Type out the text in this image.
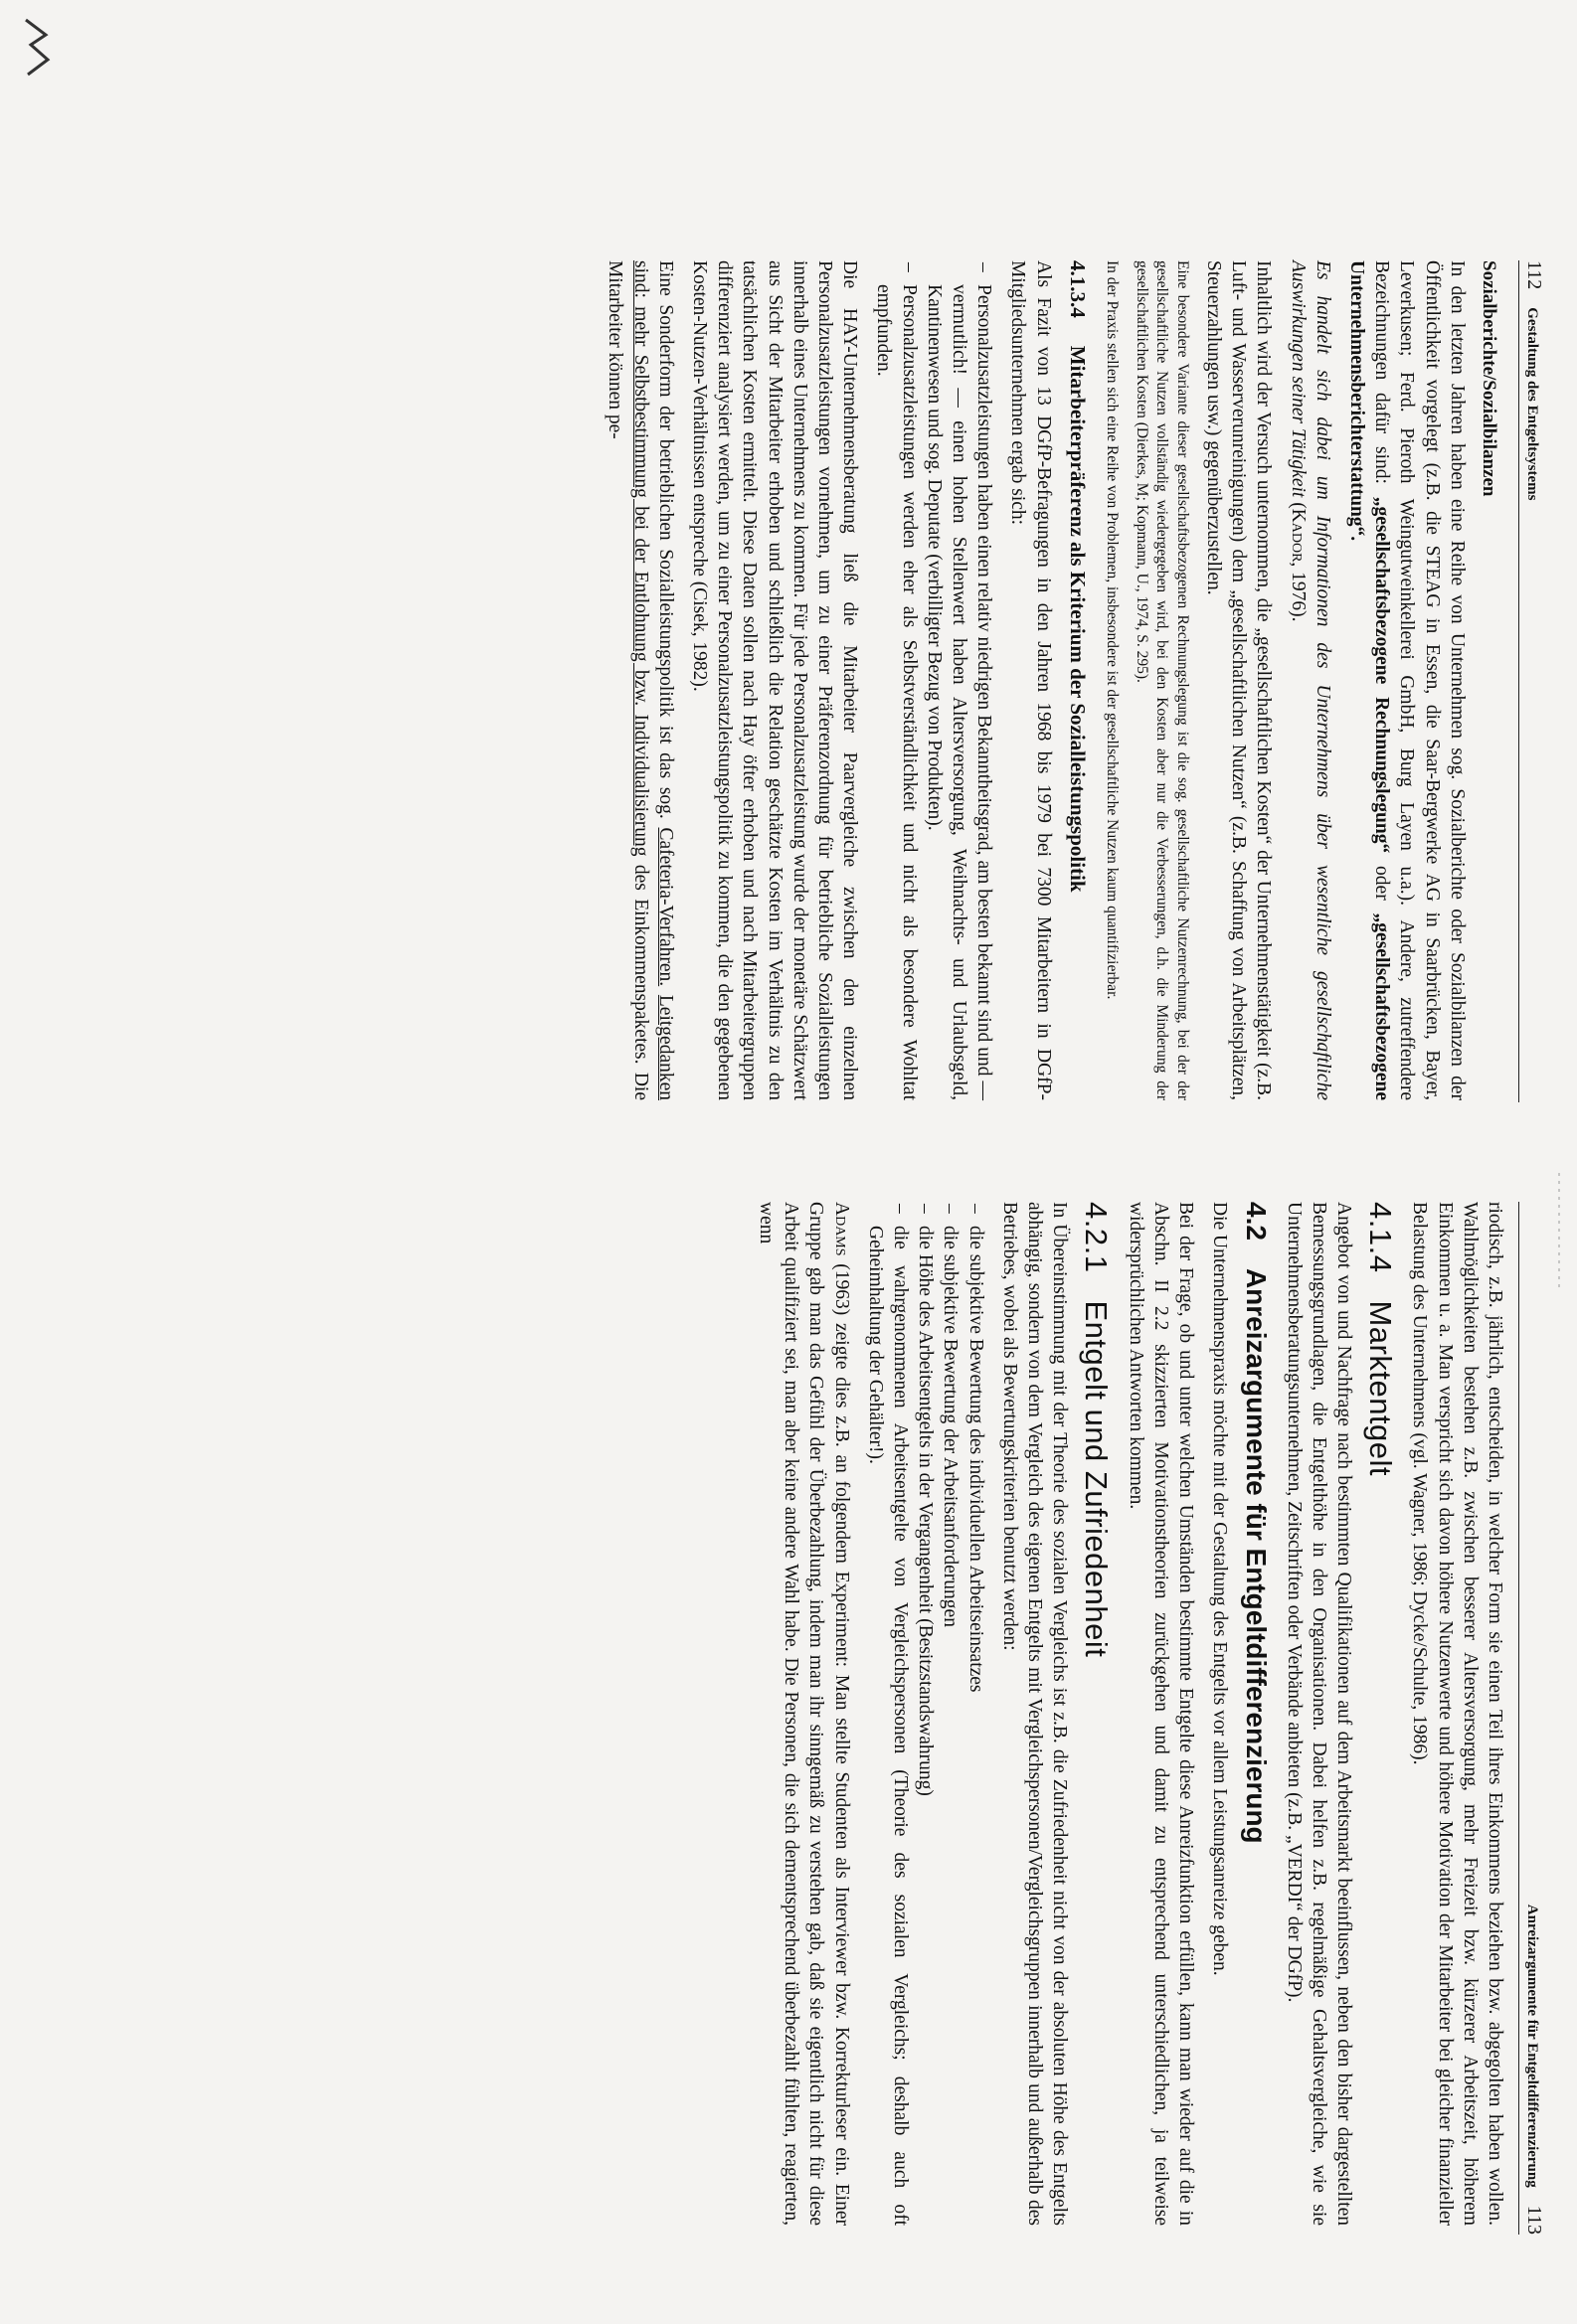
112
Gestaltung des Entgeltsystems
Sozialberichte/Sozialbilanzen

In den letzten Jahren haben eine Reihe von Unternehmen sog. Sozialberichte oder Sozialbilanzen der Öffentlichkeit vorgelegt (z.B. die STEAG in Essen, die Saar-Bergwerke AG in Saarbrücken, Bayer, Leverkusen; Ferd. Pieroth Weingutweinkellerei GmbH, Burg Layen u.a.). Andere, zutreffendere Bezeichnungen dafür sind: „gesellschaftsbezogene Rechnungslegung“ oder „gesellschaftsbezogene Unternehmensberichterstattung“.

Es handelt sich dabei um Informationen des Unternehmens über wesentliche gesellschaftliche Auswirkungen seiner Tätigkeit (Kador, 1976).

Inhaltlich wird der Versuch unternommen, die „gesellschaftlichen Kosten“ der Unternehmenstätigkeit (z.B. Luft- und Wasserverunreinigungen) dem „gesellschaftlichen Nutzen“ (z.B. Schaffung von Arbeitsplätzen, Steuerzahlungen usw.) gegenüberzustellen.

Eine besondere Variante dieser gesellschaftsbezogenen Rechnungslegung ist die sog. gesellschaftliche Nutzenrechnung, bei der der gesellschaftliche Nutzen vollständig wiedergegeben wird, bei den Kosten aber nur die Verbesserungen, d.h. die Minderung der gesellschaftlichen Kosten (Dierkes, M; Kopmann, U., 1974, S. 295).

In der Praxis stellen sich eine Reihe von Problemen, insbesondere ist der gesellschaftliche Nutzen kaum quantifizierbar.

4.1.3.4Mitarbeiterpräferenz als Kriterium der Sozialleistungspolitik

Als Fazit von 13 DGfP-Befragungen in den Jahren 1968 bis 1979 bei 7300 Mitarbeitern in DGfP-Mitgliedsunternehmen ergab sich:

– Personalzusatzleistungen haben einen relativ niedrigen Bekanntheitsgrad, am besten bekannt sind und — vermutlich! — einen hohen Stellenwert haben Altersversorgung, Weihnachts- und Urlaubsgeld, Kantinenwesen und sog. Deputate (verbilligter Bezug von Produkten).
– Personalzusatzleistungen werden eher als Selbstverständlichkeit und nicht als besondere Wohltat empfunden.

Die HAY-Unternehmensberatung ließ die Mitarbeiter Paarvergleiche zwischen den einzelnen Personalzusatzleistungen vornehmen, um zu einer Präferenzordnung für betriebliche Sozialleistungen innerhalb eines Unternehmens zu kommen. Für jede Personalzusatzleistung wurde der monetäre Schätzwert aus Sicht der Mitarbeiter erhoben und schließlich die Relation geschätzte Kosten im Verhältnis zu den tatsächlichen Kosten ermittelt. Diese Daten sollen nach Hay öfter erhoben und nach Mitarbeitergruppen differenziert analysiert werden, um zu einer Personalzusatzleistungspolitik zu kommen, die den gegebenen Kosten-Nutzen-Verhältnissen entspreche (Cisek, 1982).

Eine Sonderform der betrieblichen Sozialleistungspolitik ist das sog. Cafeteria-Verfahren. Leitgedanken sind: mehr Selbstbestimmung bei der Entlohnung bzw. Individualisierung des Einkommenspaketes. Die Mitarbeiter können pe-

Anreizargumente für Entgeltdifferenzierung
113

riodisch, z.B. jährlich, entscheiden, in welcher Form sie einen Teil ihres Einkommens beziehen bzw. abgegolten haben wollen. Wahlmöglichkeiten bestehen z.B. zwischen besserer Altersversorgung, mehr Freizeit bzw. kürzerer Arbeitszeit, höherem Einkommen u. a. Man verspricht sich davon höhere Nutzenwerte und höhere Motivation der Mitarbeiter bei gleicher finanzieller Belastung des Unternehmens (vgl. Wagner, 1986; Dycke/Schulte, 1986).

4.1.4Marktentgelt

Angebot von und Nachfrage nach bestimmten Qualifikationen auf dem Arbeitsmarkt beeinflussen, neben den bisher dargestellten Bemessungsgrundlagen, die Entgelthöhe in den Organisationen. Dabei helfen z.B. regelmäßige Gehaltsvergleiche, wie sie Unternehmensberatungsunternehmen, Zeitschriften oder Verbände anbieten (z.B. „VERDI“ der DGfP).

4.2Anreizargumente für Entgeltdifferenzierung

Die Unternehmenspraxis möchte mit der Gestaltung des Entgelts vor allem Leistungsanreize geben.

Bei der Frage, ob und unter welchen Umständen bestimmte Entgelte diese Anreizfunktion erfüllen, kann man wieder auf die in Abschn. II 2.2 skizzierten Motivationstheorien zurückgehen und damit zu entsprechend unterschiedlichen, ja teilweise widersprüchlichen Antworten kommen.

4.2.1Entgelt und Zufriedenheit

In Übereinstimmung mit der Theorie des sozialen Vergleichs ist z.B. die Zufriedenheit nicht von der absoluten Höhe des Entgelts abhängig, sondern von dem Vergleich des eigenen Entgelts mit Vergleichspersonen/Vergleichsgruppen innerhalb und außerhalb des Betriebes, wobei als Bewertungskriterien benutzt werden:

– die subjektive Bewertung des individuellen Arbeitseinsatzes
– die subjektive Bewertung der Arbeitsanforderungen
– die Höhe des Arbeitsentgelts in der Vergangenheit (Besitzstandswahrung)
– die wahrgenommenen Arbeitsentgelte von Vergleichspersonen (Theorie des sozialen Vergleichs; deshalb auch oft Geheimhaltung der Gehälter!).

Adams (1963) zeigte dies z.B. an folgendem Experiment: Man stellte Studenten als Interviewer bzw. Korrekturleser ein. Einer Gruppe gab man das Gefühl der Überbezahlung, indem man ihr sinngemäß zu verstehen gab, daß sie eigentlich nicht für diese Arbeit qualifiziert sei, man aber keine andere Wahl habe. Die Personen, die sich dementsprechend überbezahlt fühlten, reagierten, wenn
